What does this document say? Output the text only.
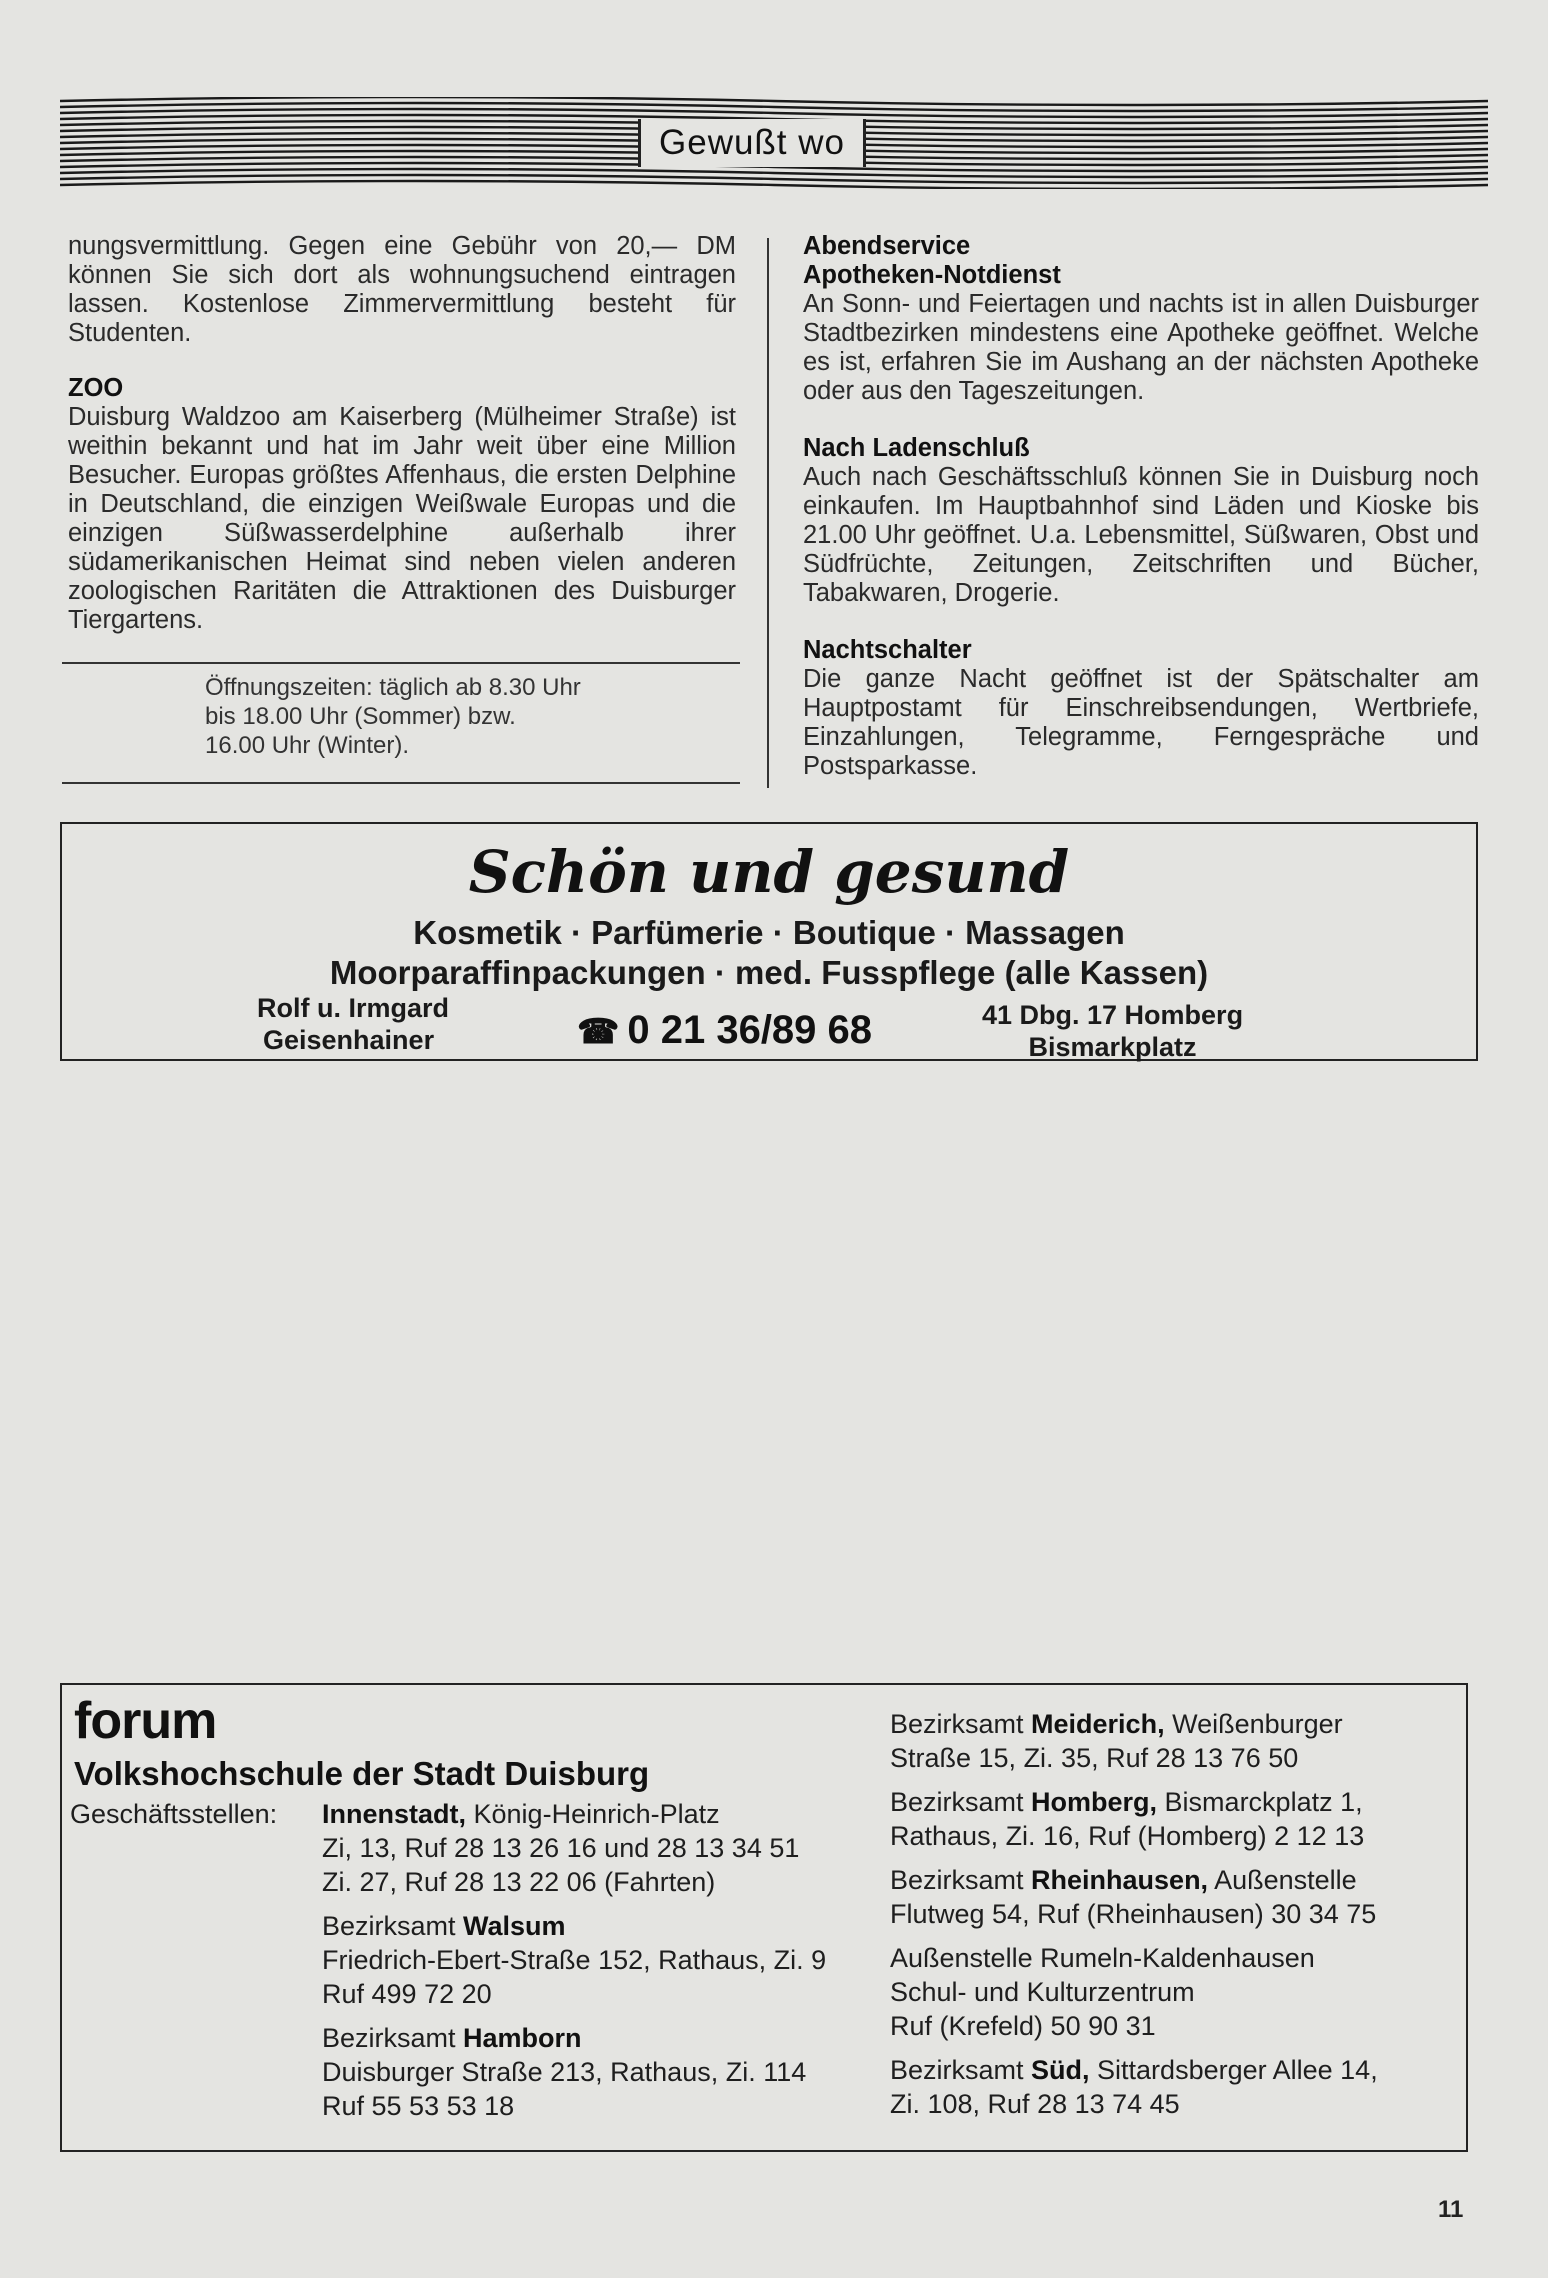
Gewußt wo

nungsvermittlung. Gegen eine Gebühr von 20,— DM können Sie sich dort als wohnungsuchend eintragen lassen. Kostenlose Zimmervermittlung besteht für Studenten.

ZOO

Duisburg Waldzoo am Kaiserberg (Mülheimer Straße) ist weithin bekannt und hat im Jahr weit über eine Million Besucher. Europas größtes Affenhaus, die ersten Delphine in Deutschland, die einzigen Weißwale Europas und die einzigen Süßwasserdelphine außerhalb ihrer südamerikanischen Heimat sind neben vielen anderen zoologischen Raritäten die Attraktionen des Duisburger Tiergartens.

Öffnungszeiten: täglich ab 8.30 Uhr
bis 18.00 Uhr (Sommer) bzw.
16.00 Uhr (Winter).

Abendservice

Apotheken-Notdienst

An Sonn- und Feiertagen und nachts ist in allen Duisburger Stadtbezirken mindestens eine Apotheke geöffnet. Welche es ist, erfahren Sie im Aushang an der nächsten Apotheke oder aus den Tageszeitungen.

Nach Ladenschluß

Auch nach Geschäftsschluß können Sie in Duisburg noch einkaufen. Im Hauptbahnhof sind Läden und Kioske bis 21.00 Uhr geöffnet. U.a. Lebensmittel, Süßwaren, Obst und Südfrüchte, Zeitungen, Zeitschriften und Bücher, Tabakwaren, Drogerie.

Nachtschalter

Die ganze Nacht geöffnet ist der Spätschalter am Hauptpostamt für Einschreibsendungen, Wertbriefe, Einzahlungen, Telegramme, Ferngespräche und Postsparkasse.

Schön und gesund
Kosmetik · Parfümerie · Boutique · Massagen
Moorparaffinpackungen · med. Fusspflege (alle Kassen)
Rolf u. Irmgard
Geisenhainer	☎ 0 21 36/89 68	41 Dbg. 17 Homberg
Bismarkplatz
forum
Volkshochschule der Stadt Duisburg
Geschäftsstellen: Innenstadt, König-Heinrich-Platz
Zi, 13, Ruf 28 13 26 16 und 28 13 34 51
Zi. 27, Ruf 28 13 22 06 (Fahrten)
Bezirksamt Walsum
Friedrich-Ebert-Straße 152, Rathaus, Zi. 9
Ruf 499 72 20
Bezirksamt Hamborn
Duisburger Straße 213, Rathaus, Zi. 114
Ruf 55 53 53 18
Bezirksamt Meiderich, Weißenburger
Straße 15, Zi. 35, Ruf 28 13 76 50
Bezirksamt Homberg, Bismarckplatz 1,
Rathaus, Zi. 16, Ruf (Homberg) 2 12 13
Bezirksamt Rheinhausen, Außenstelle
Flutweg 54, Ruf (Rheinhausen) 30 34 75
Außenstelle Rumeln-Kaldenhausen
Schul- und Kulturzentrum
Ruf (Krefeld) 50 90 31
Bezirksamt Süd, Sittardsberger Allee 14,
Zi. 108, Ruf 28 13 74 45
11
